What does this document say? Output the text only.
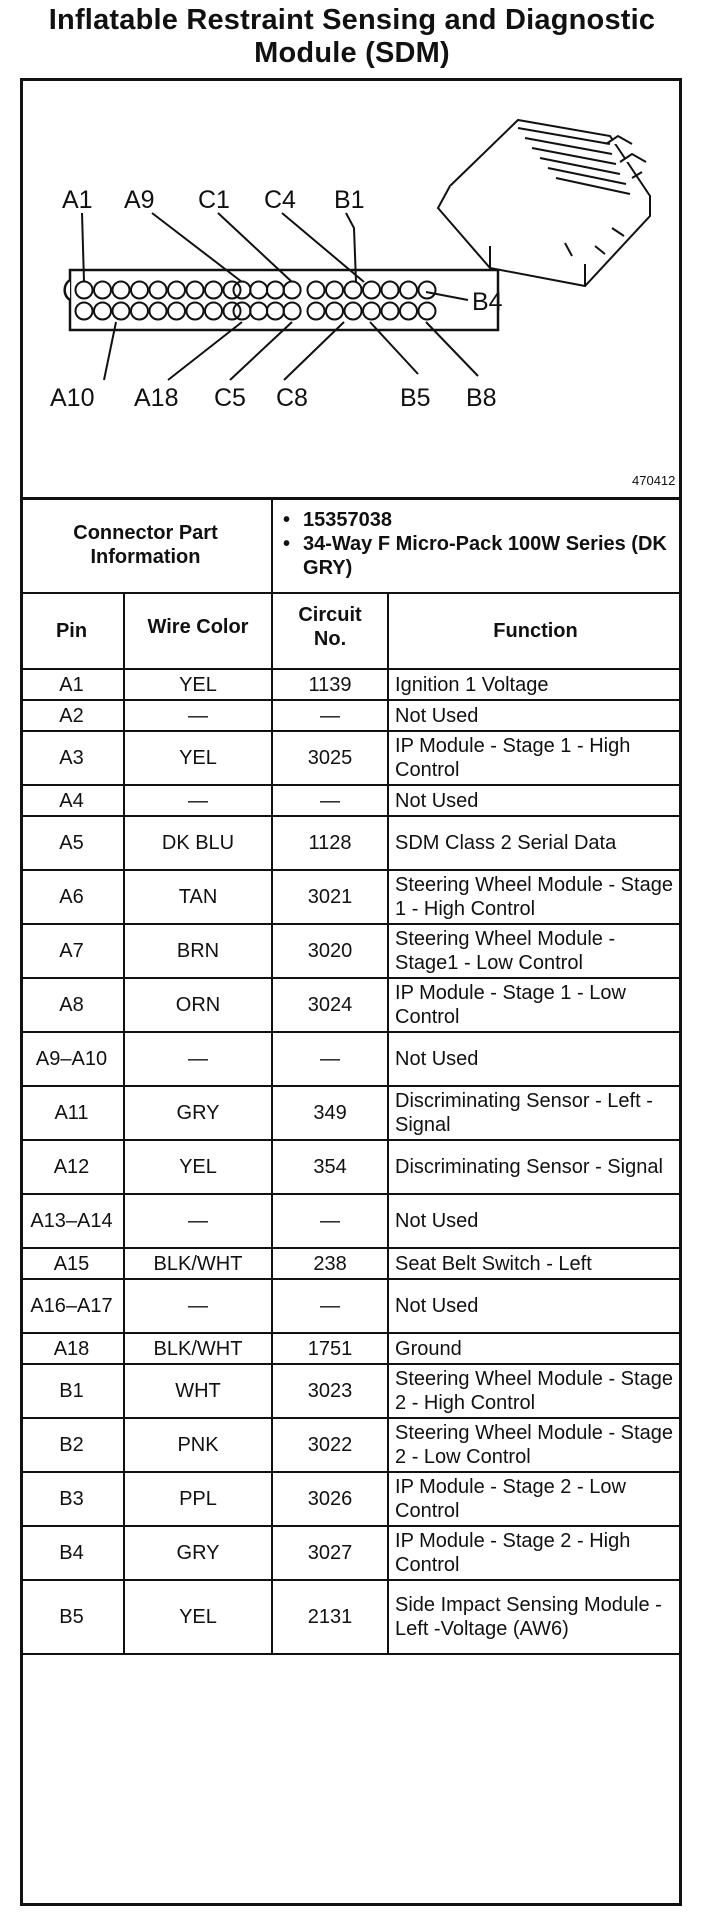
Inflatable Restraint Sensing and Diagnostic
Module (SDM)
A1 A9 C1 C4 B1
B4
A10 A18 C5 C8	B5 B8
470412
Connector Part Information		• 15357038
• 34-Way F Micro-Pack 100W Series (DK GRY)	

Pin	Wire Color	Circuit No.	Function
A1	YEL	1139	Ignition 1 Voltage
A2	—	—	Not Used
A3	YEL	3025	IP Module - Stage 1 - High Control
A4	—	—	Not Used
A5	DK BLU	1128	SDM Class 2 Serial Data
A6	TAN	3021	Steering Wheel Module - Stage 1 - High Control
A7	BRN	3020	Steering Wheel Module - Stage1 - Low Control
A8	ORN	3024	IP Module - Stage 1 - Low Control
A9–A10	—	—	Not Used
A11	GRY	349	Discriminating Sensor - Left - Signal
A12	YEL	354	Discriminating Sensor - Signal
A13–A14	—	—	Not Used
A15	BLK/WHT	238	Seat Belt Switch - Left
A16–A17	—	—	Not Used
A18	BLK/WHT	1751	Ground
B1	WHT	3023	Steering Wheel Module - Stage 2 - High Control
B2	PNK	3022	Steering Wheel Module - Stage 2 - Low Control
B3	PPL	3026	IP Module - Stage 2 - Low Control
B4	GRY	3027	IP Module - Stage 2 - High Control
B5	YEL	2131	Side Impact Sensing Module - Left -Voltage (AW6)
